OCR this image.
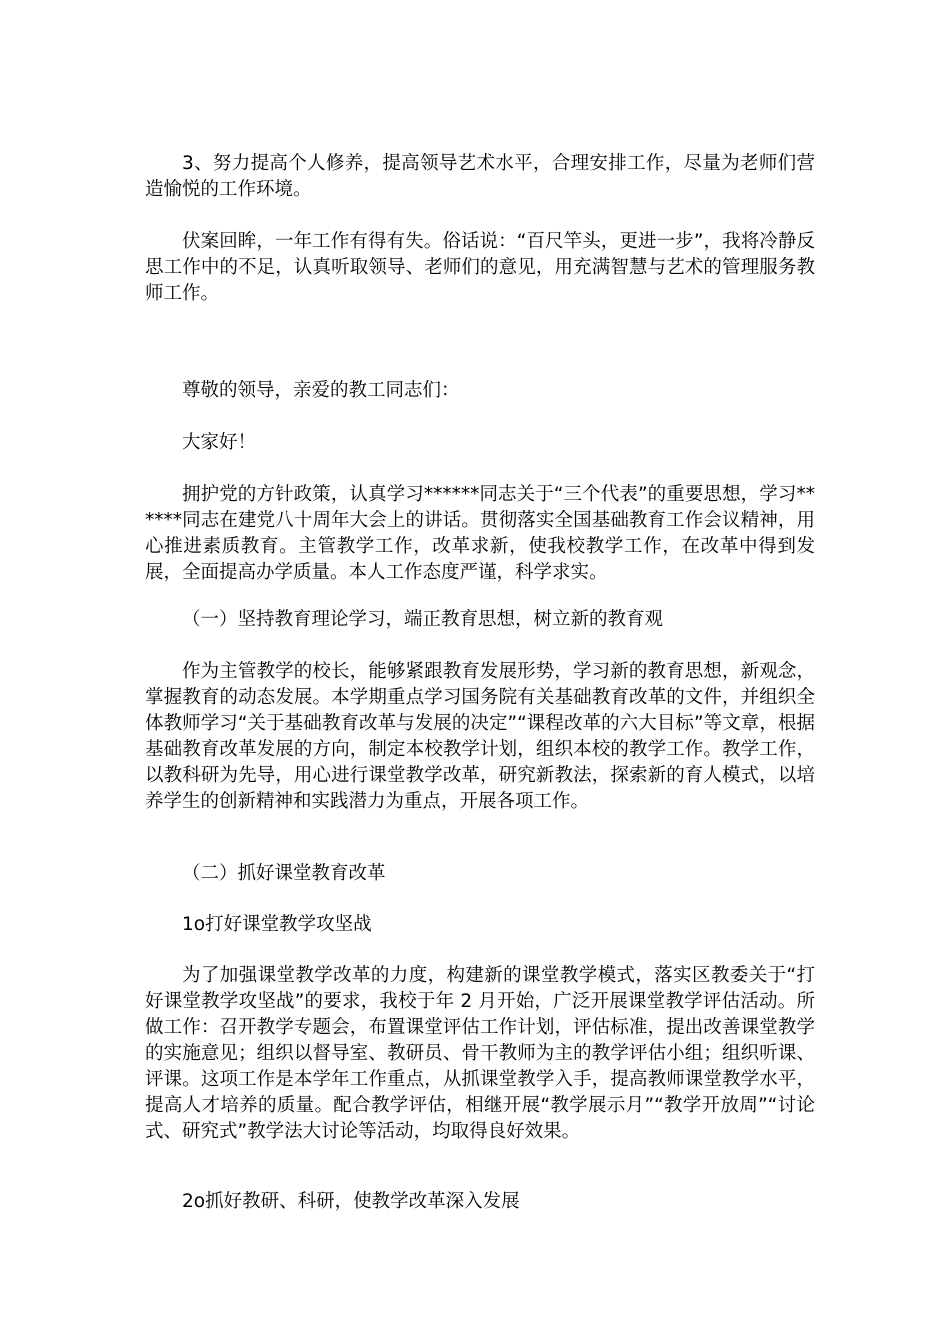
3、努力提高个人修养，提高领导艺术水平，合理安排工作，尽量为老师们营造愉悦的工作环境。

伏案回眸，一年工作有得有失。俗话说：“百尺竿头，更进一步”，我将冷静反思工作中的不足，认真听取领导、老师们的意见，用充满智慧与艺术的管理服务教师工作。

尊敬的领导，亲爱的教工同志们：

大家好！

拥护党的方针政策，认真学习******同志关于“三个代表”的重要思想，学习******同志在建党八十周年大会上的讲话。贯彻落实全国基础教育工作会议精神，用心推进素质教育。主管教学工作，改革求新，使我校教学工作，在改革中得到发展，全面提高办学质量。本人工作态度严谨，科学求实。

（一）坚持教育理论学习，端正教育思想，树立新的教育观

作为主管教学的校长，能够紧跟教育发展形势，学习新的教育思想，新观念，掌握教育的动态发展。本学期重点学习国务院有关基础教育改革的文件，并组织全体教师学习“关于基础教育改革与发展的决定”“课程改革的六大目标”等文章，根据基础教育改革发展的方向，制定本校教学计划，组织本校的教学工作。教学工作，以教科研为先导，用心进行课堂教学改革，研究新教法，探索新的育人模式，以培养学生的创新精神和实践潜力为重点，开展各项工作。

（二）抓好课堂教育改革

1o打好课堂教学攻坚战

为了加强课堂教学改革的力度，构建新的课堂教学模式，落实区教委关于“打好课堂教学攻坚战”的要求，我校于年 2 月开始，广泛开展课堂教学评估活动。所做工作：召开教学专题会，布置课堂评估工作计划，评估标准，提出改善课堂教学的实施意见；组织以督导室、教研员、骨干教师为主的教学评估小组；组织听课、评课。这项工作是本学年工作重点，从抓课堂教学入手，提高教师课堂教学水平，提高人才培养的质量。配合教学评估，相继开展“教学展示月”“教学开放周”“讨论式、研究式”教学法大讨论等活动，均取得良好效果。

2o抓好教研、科研，使教学改革深入发展
